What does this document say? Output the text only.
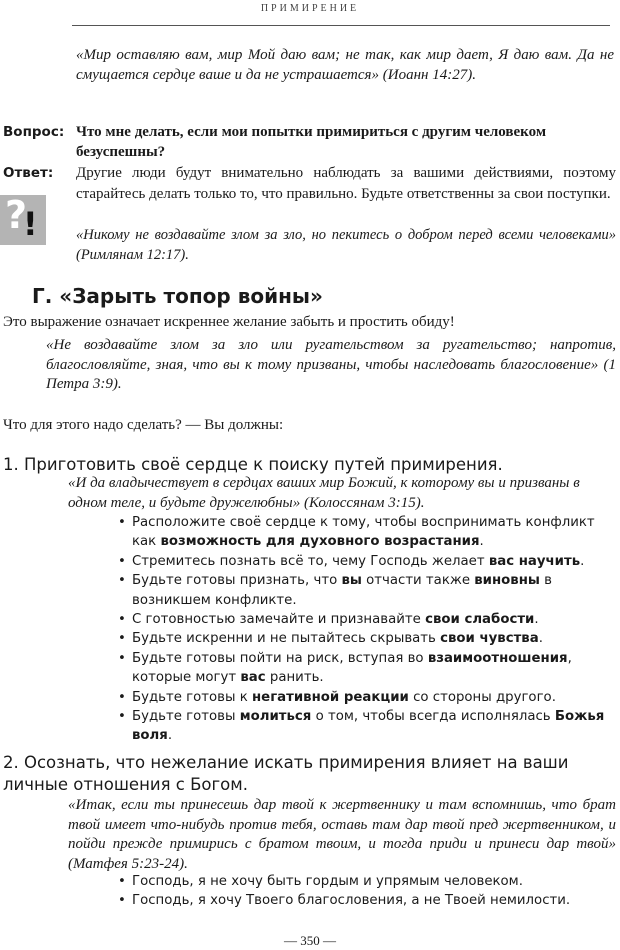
ПРИМИРЕНИЕ
«Мир оставляю вам, мир Мой даю вам; не так, как мир дает, Я даю вам. Да не смущается сердце ваше и да не устрашается» (Иоанн 14:27).
Вопрос: Что мне делать, если мои попытки примириться с другим человеком безуспешны?
Ответ: Другие люди будут внимательно наблюдать за вашими действиями, поэтому старайтесь делать только то, что правильно. Будьте ответственны за свои поступки.
«Никому не воздавайте злом за зло, но пекитесь о добром перед всеми человеками» (Римлянам 12:17).
?
!
Г. «Зарыть топор войны»
Это выражение означает искреннее желание забыть и простить обиду!
«Не воздавайте злом за зло или ругательством за ругательство; напротив, благословляйте, зная, что вы к тому призваны, чтобы наследовать благословение» (1 Петра 3:9).
Что для этого надо сделать? — Вы должны:
1. Приготовить своё сердце к поиску путей примирения.
«И да владычествует в сердцах ваших мир Божий, к которому вы и призваны в одном теле, и будьте дружелюбны» (Колоссянам 3:15).
• Расположите своё сердце к тому, чтобы воспринимать конфликт как возможность для духовного возрастания.
• Стремитесь познать всё то, чему Господь желает вас научить.
• Будьте готовы признать, что вы отчасти также виновны в возникшем конфликте.
• С готовностью замечайте и признавайте свои слабости.
• Будьте искренни и не пытайтесь скрывать свои чувства.
• Будьте готовы пойти на риск, вступая во взаимоотношения, которые могут вас ранить.
• Будьте готовы к негативной реакции со стороны другого.
• Будьте готовы молиться о том, чтобы всегда исполнялась Божья воля.
2. Осознать, что нежелание искать примирения влияет на ваши личные отношения с Богом.
«Итак, если ты принесешь дар твой к жертвеннику и там вспомнишь, что брат твой имеет что-нибудь против тебя, оставь там дар твой пред жертвенником, и пойди прежде примирись с братом твоим, и тогда приди и принеси дар твой» (Матфея 5:23-24).
• Господь, я не хочу быть гордым и упрямым человеком.
• Господь, я хочу Твоего благословения, а не Твоей немилости.
— 350 —
